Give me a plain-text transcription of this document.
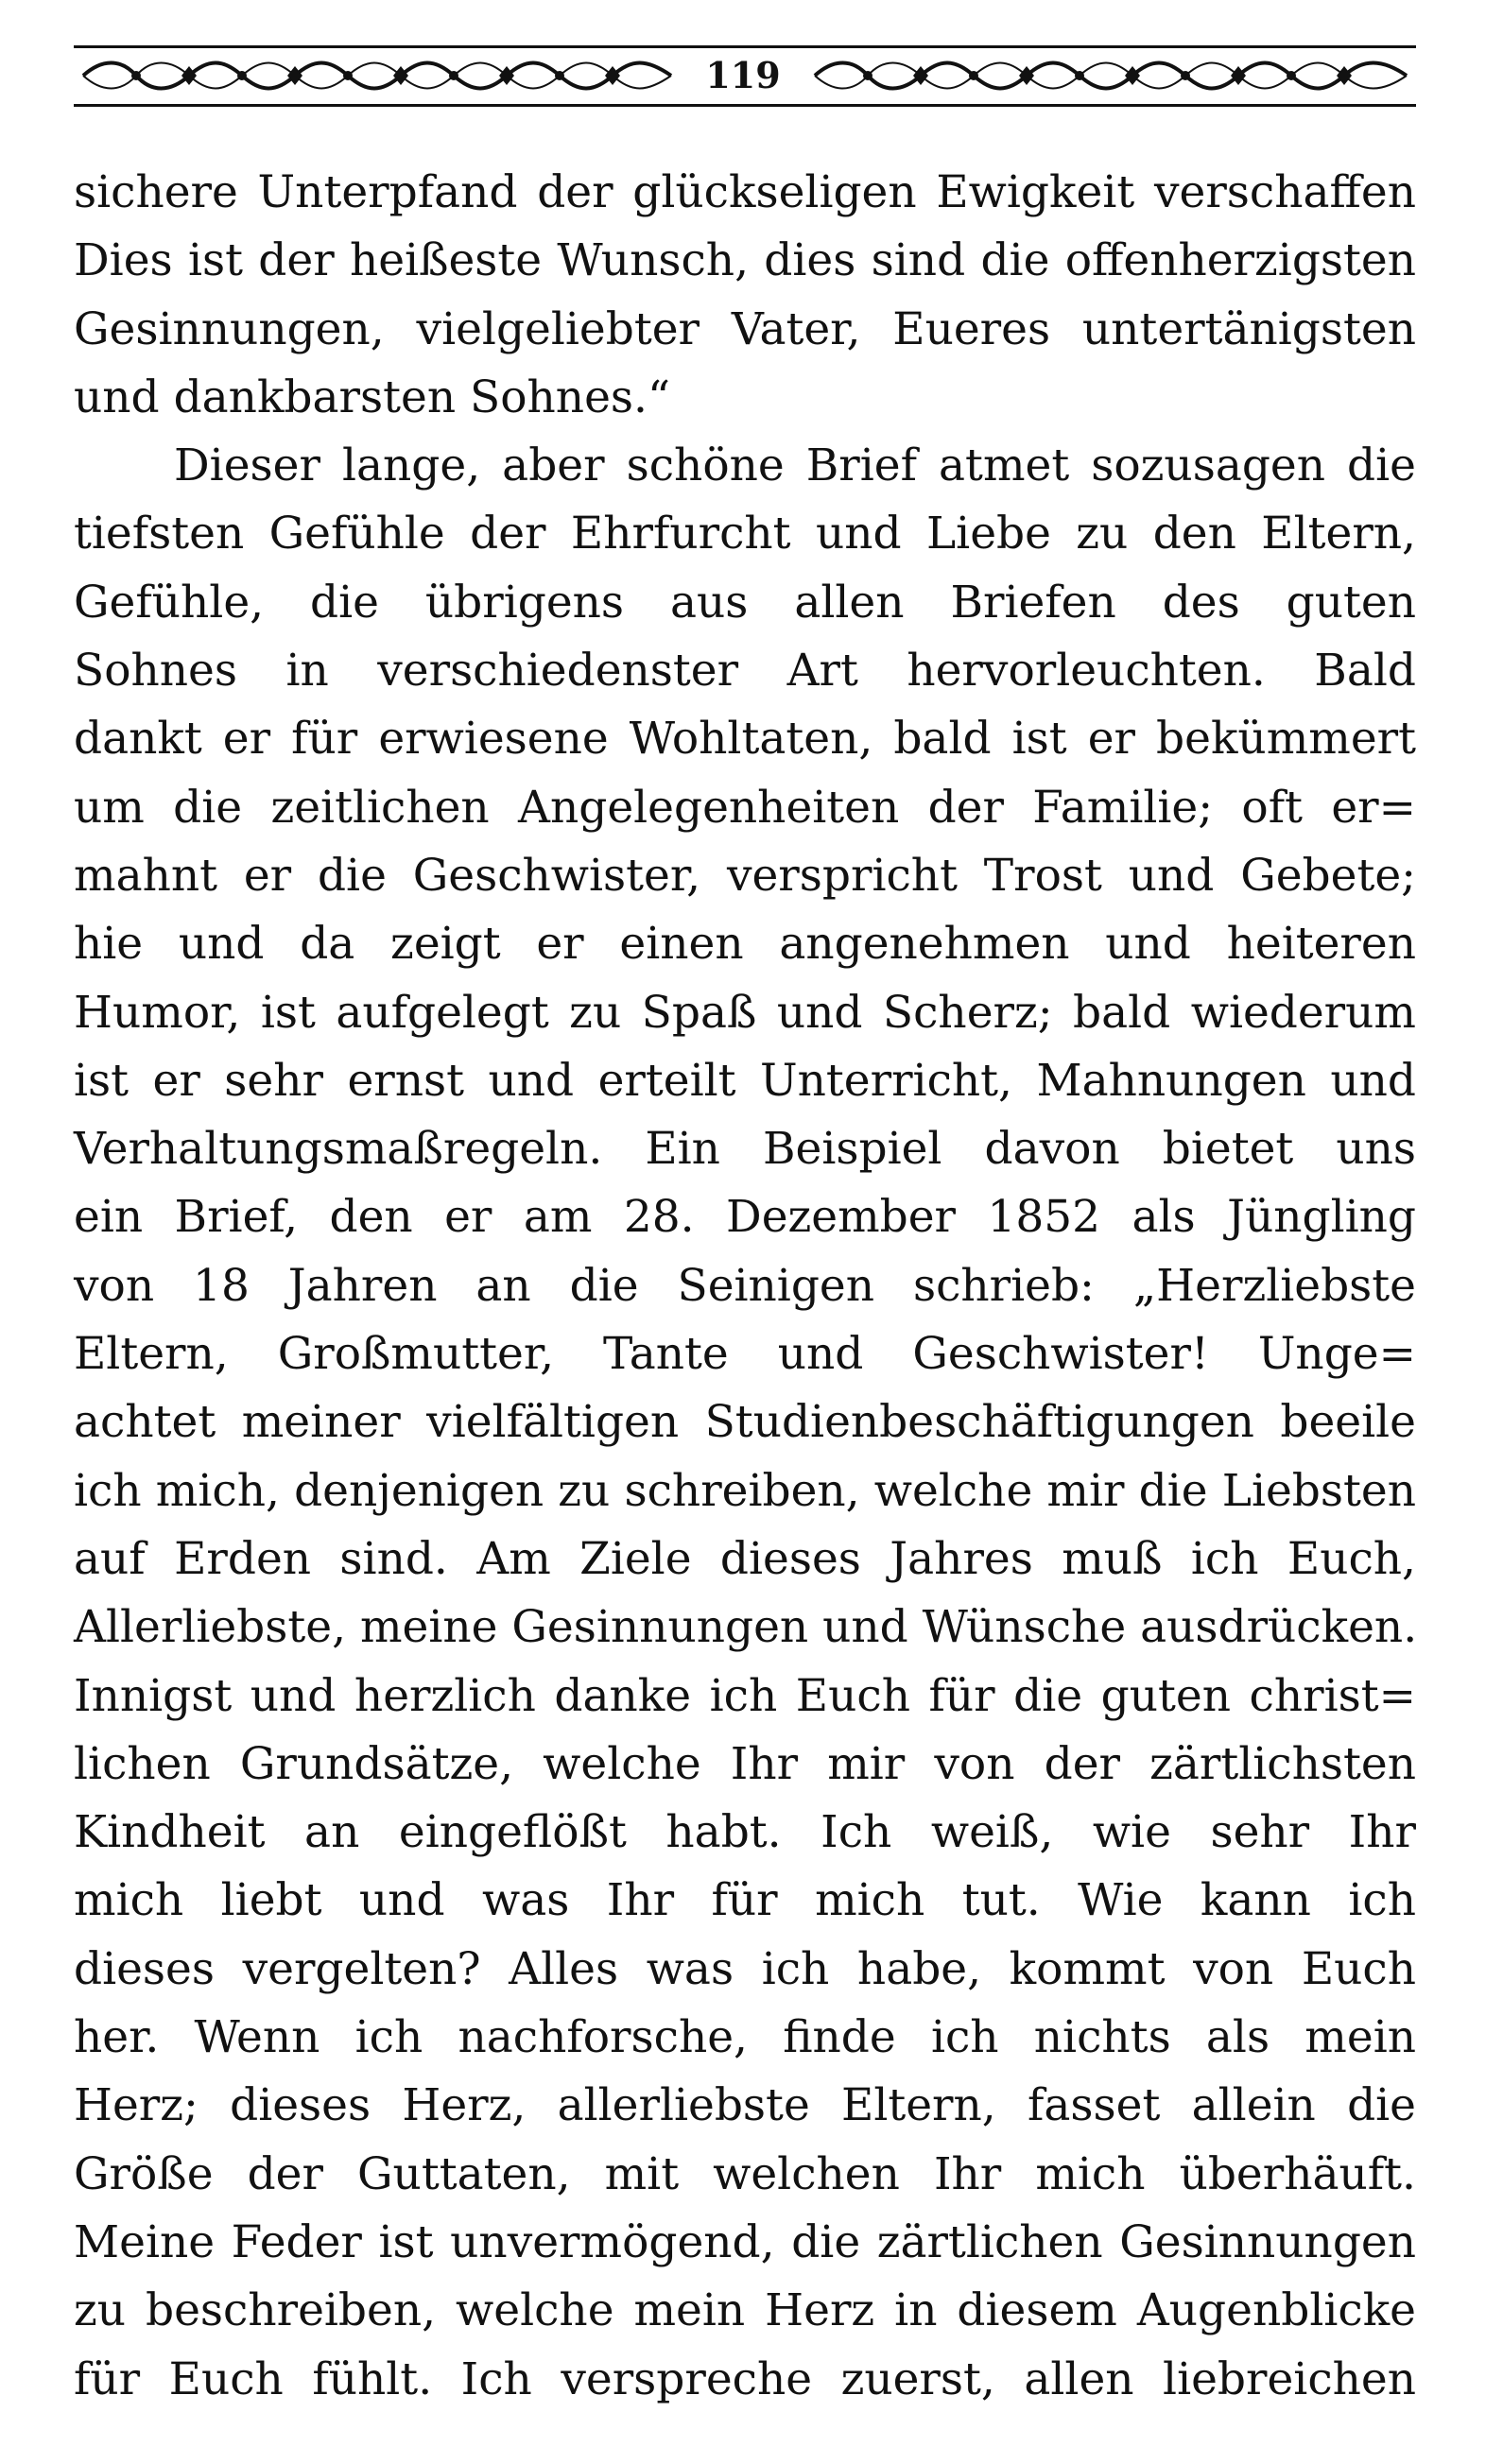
119
sichere Unterpfand der glückseligen Ewigkeit verschaffen
Dies ist der heißeste Wunsch, dies sind die offenherzigsten
Gesinnungen, vielgeliebter Vater, Eueres untertänigsten
und dankbarsten Sohnes.“
Dieser lange, aber schöne Brief atmet sozusagen die
tiefsten Gefühle der Ehrfurcht und Liebe zu den Eltern,
Gefühle, die übrigens aus allen Briefen des guten
Sohnes in verschiedenster Art hervorleuchten. Bald
dankt er für erwiesene Wohltaten, bald ist er bekümmert
um die zeitlichen Angelegenheiten der Familie; oft er=
mahnt er die Geschwister, verspricht Trost und Gebete;
hie und da zeigt er einen angenehmen und heiteren
Humor, ist aufgelegt zu Spaß und Scherz; bald wiederum
ist er sehr ernst und erteilt Unterricht, Mahnungen und
Verhaltungsmaßregeln. Ein Beispiel davon bietet uns
ein Brief, den er am 28. Dezember 1852 als Jüngling
von 18 Jahren an die Seinigen schrieb: „Herzliebste
Eltern, Großmutter, Tante und Geschwister! Unge=
achtet meiner vielfältigen Studienbeschäftigungen beeile
ich mich, denjenigen zu schreiben, welche mir die Liebsten
auf Erden sind. Am Ziele dieses Jahres muß ich Euch,
Allerliebste, meine Gesinnungen und Wünsche ausdrücken.
Innigst und herzlich danke ich Euch für die guten christ=
lichen Grundsätze, welche Ihr mir von der zärtlichsten
Kindheit an eingeflößt habt. Ich weiß, wie sehr Ihr
mich liebt und was Ihr für mich tut. Wie kann ich
dieses vergelten? Alles was ich habe, kommt von Euch
her. Wenn ich nachforsche, finde ich nichts als mein
Herz; dieses Herz, allerliebste Eltern, fasset allein die
Größe der Guttaten, mit welchen Ihr mich überhäuft.
Meine Feder ist unvermögend, die zärtlichen Gesinnungen
zu beschreiben, welche mein Herz in diesem Augenblicke
für Euch fühlt. Ich verspreche zuerst, allen liebreichen
